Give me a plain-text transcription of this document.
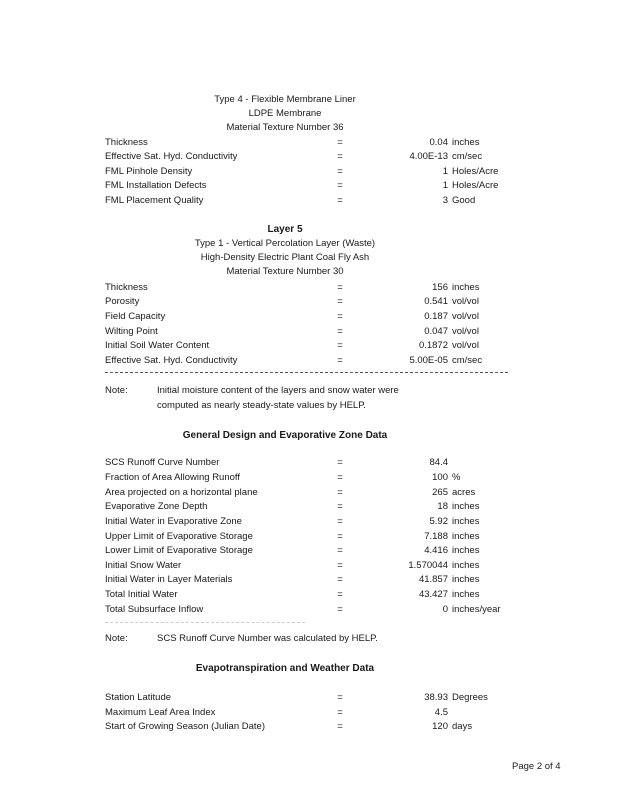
Type 4 - Flexible Membrane Liner
LDPE Membrane
Material Texture Number 36
Thickness	=	0.04 inches
Effective Sat. Hyd. Conductivity	=	4.00E-13 cm/sec
FML Pinhole Density	=	1 Holes/Acre
FML Installation Defects	=	1 Holes/Acre
FML Placement Quality	=	3 Good
Layer 5
Type 1 - Vertical Percolation Layer (Waste)
High-Density Electric Plant Coal Fly Ash
Material Texture Number 30
Thickness	=	156 inches
Porosity	=	0.541 vol/vol
Field Capacity	=	0.187 vol/vol
Wilting Point	=	0.047 vol/vol
Initial Soil Water Content	=	0.1872 vol/vol
Effective Sat. Hyd. Conductivity	=	5.00E-05 cm/sec
Note:	Initial moisture content of the layers and snow water were
computed as nearly steady-state values by HELP.
General Design and Evaporative Zone Data
SCS Runoff Curve Number	=	84.4
Fraction of Area Allowing Runoff	=	100 %
Area projected on a horizontal plane	=	265 acres
Evaporative Zone Depth	=	18 inches
Initial Water in Evaporative Zone	=	5.92 inches
Upper Limit of Evaporative Storage	=	7.188 inches
Lower Limit of Evaporative Storage	=	4.416 inches
Initial Snow Water	=	1.570044 inches
Initial Water in Layer Materials	=	41.857 inches
Total Initial Water	=	43.427 inches
Total Subsurface Inflow	=	0 inches/year
Note:	SCS Runoff Curve Number was calculated by HELP.
Evapotranspiration and Weather Data
Station Latitude	=	38.93 Degrees
Maximum Leaf Area Index	=	4.5
Start of Growing Season (Julian Date)	=	120 days
Page 2 of 4
